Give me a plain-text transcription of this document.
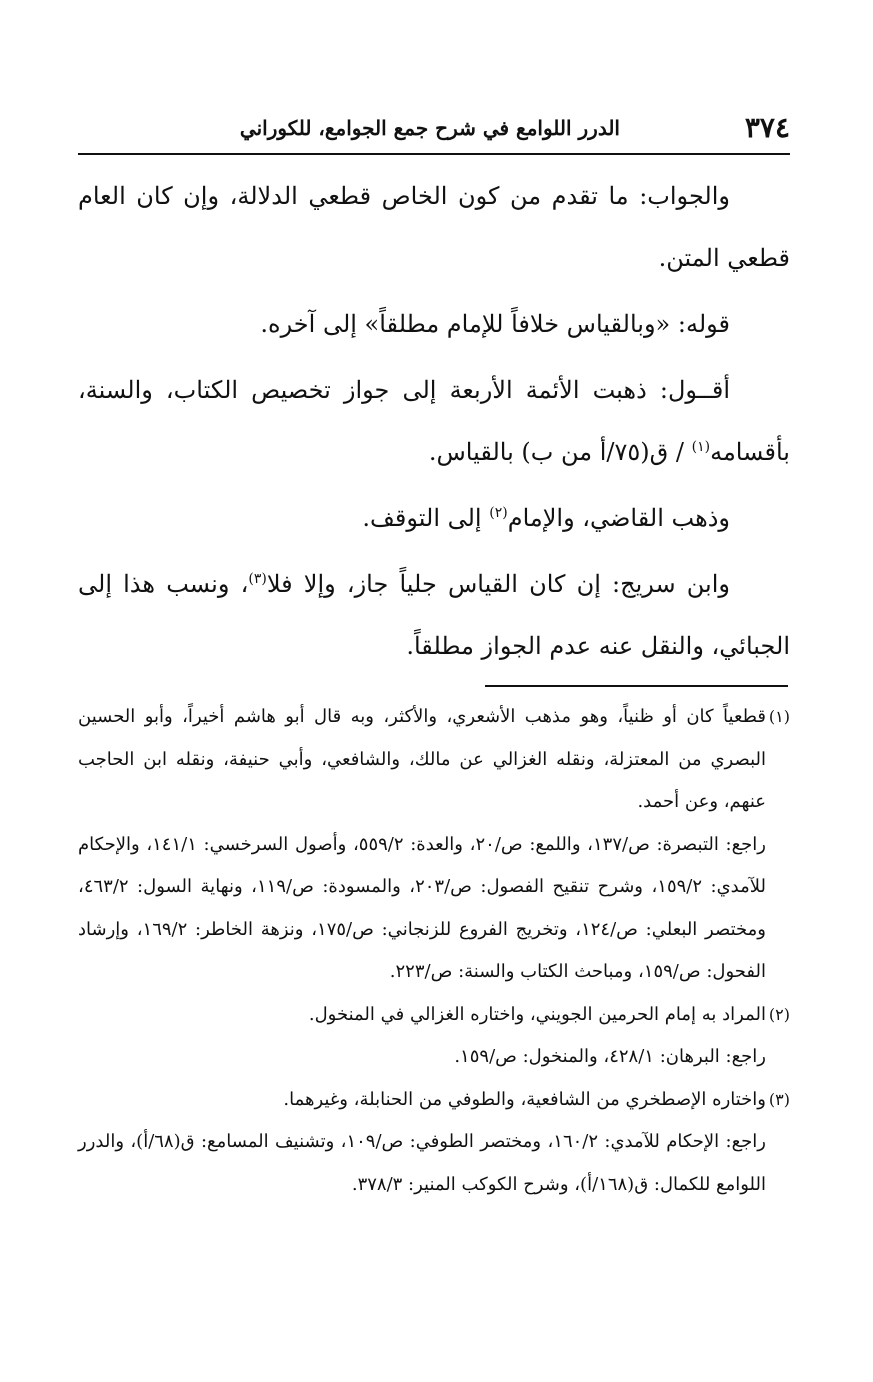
٣٧٤
الدرر اللوامع في شرح جمع الجوامع، للكوراني

والجواب: ما تقدم من كون الخاص قطعي الدلالة، وإن كان العام قطعي المتن.

قوله: «وبالقياس خلافاً للإمام مطلقاً» إلى آخره.

أقــول: ذهبت الأئمة الأربعة إلى جواز تخصيص الكتاب، والسنة، بأقسامه$^{(١)}$ / ق(٧٥/أ من ب) بالقياس.

وذهب القاضي، والإمام$^{(٢)}$ إلى التوقف.

وابن سريج: إن كان القياس جلياً جاز، وإلا فلا$^{(٣)}$، ونسب هذا إلى الجبائي، والنقل عنه عدم الجواز مطلقاً.

(١)
قطعياً كان أو ظنياً، وهو مذهب الأشعري، والأكثر، وبه قال أبو هاشم أخيراً، وأبو الحسين البصري من المعتزلة، ونقله الغزالي عن مالك، والشافعي، وأبي حنيفة، ونقله ابن الحاجب عنهم، وعن أحمد.

راجع: التبصرة: ص/١٣٧، واللمع: ص/٢٠، والعدة: ٥٥٩/٢، وأصول السرخسي: ١٤١/١، والإحكام للآمدي: ١٥٩/٢، وشرح تنقيح الفصول: ص/٢٠٣، والمسودة: ص/١١٩، ونهاية السول: ٤٦٣/٢، ومختصر البعلي: ص/١٢٤، وتخريج الفروع للزنجاني: ص/١٧٥، ونزهة الخاطر: ١٦٩/٢، وإرشاد الفحول: ص/١٥٩، ومباحث الكتاب والسنة: ص/٢٢٣.

(٢)
المراد به إمام الحرمين الجويني، واختاره الغزالي في المنخول.

راجع: البرهان: ٤٢٨/١، والمنخول: ص/١٥٩.

(٣)
واختاره الإصطخري من الشافعية، والطوفي من الحنابلة، وغيرهما.

راجع: الإحكام للآمدي: ١٦٠/٢، ومختصر الطوفي: ص/١٠٩، وتشنيف المسامع: ق(٦٨/أ)، والدرر اللوامع للكمال: ق(١٦٨/أ)، وشرح الكوكب المنير: ٣٧٨/٣.
